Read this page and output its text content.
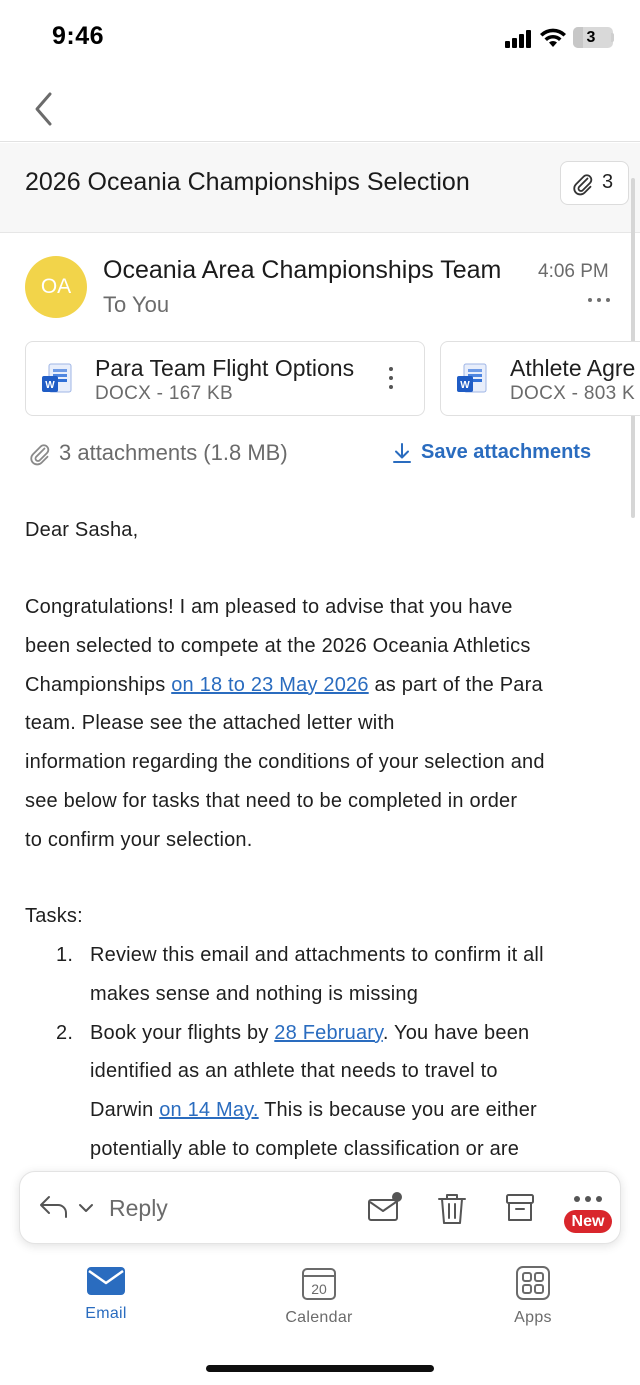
9:46	3
2026 Oceania Championships Selection	3
OA
Oceania Area Championships Team
To You
4:06 PM
W
Para Team Flight Options
DOCX - 167 KB	W
Athlete Agre
DOCX - 803 K
3 attachments (1.8 MB)	Save attachments
Dear Sasha,
Congratulations! I am pleased to advise that you have
been selected to compete at the 2026 Oceania Athletics
Championships on 18 to 23 May 2026 as part of the Para
team. Please see the attached letter with
information regarding the conditions of your selection and
see below for tasks that need to be completed in order
to confirm your selection.
Tasks:
1. Review this email and attachments to confirm it all
makes sense and nothing is missing
2. Book your flights by 28 February. You have been
identified as an athlete that needs to travel to
Darwin on 14 May. This is because you are either
potentially able to complete classification or are
Reply
New
Email
20
Calendar	Apps
